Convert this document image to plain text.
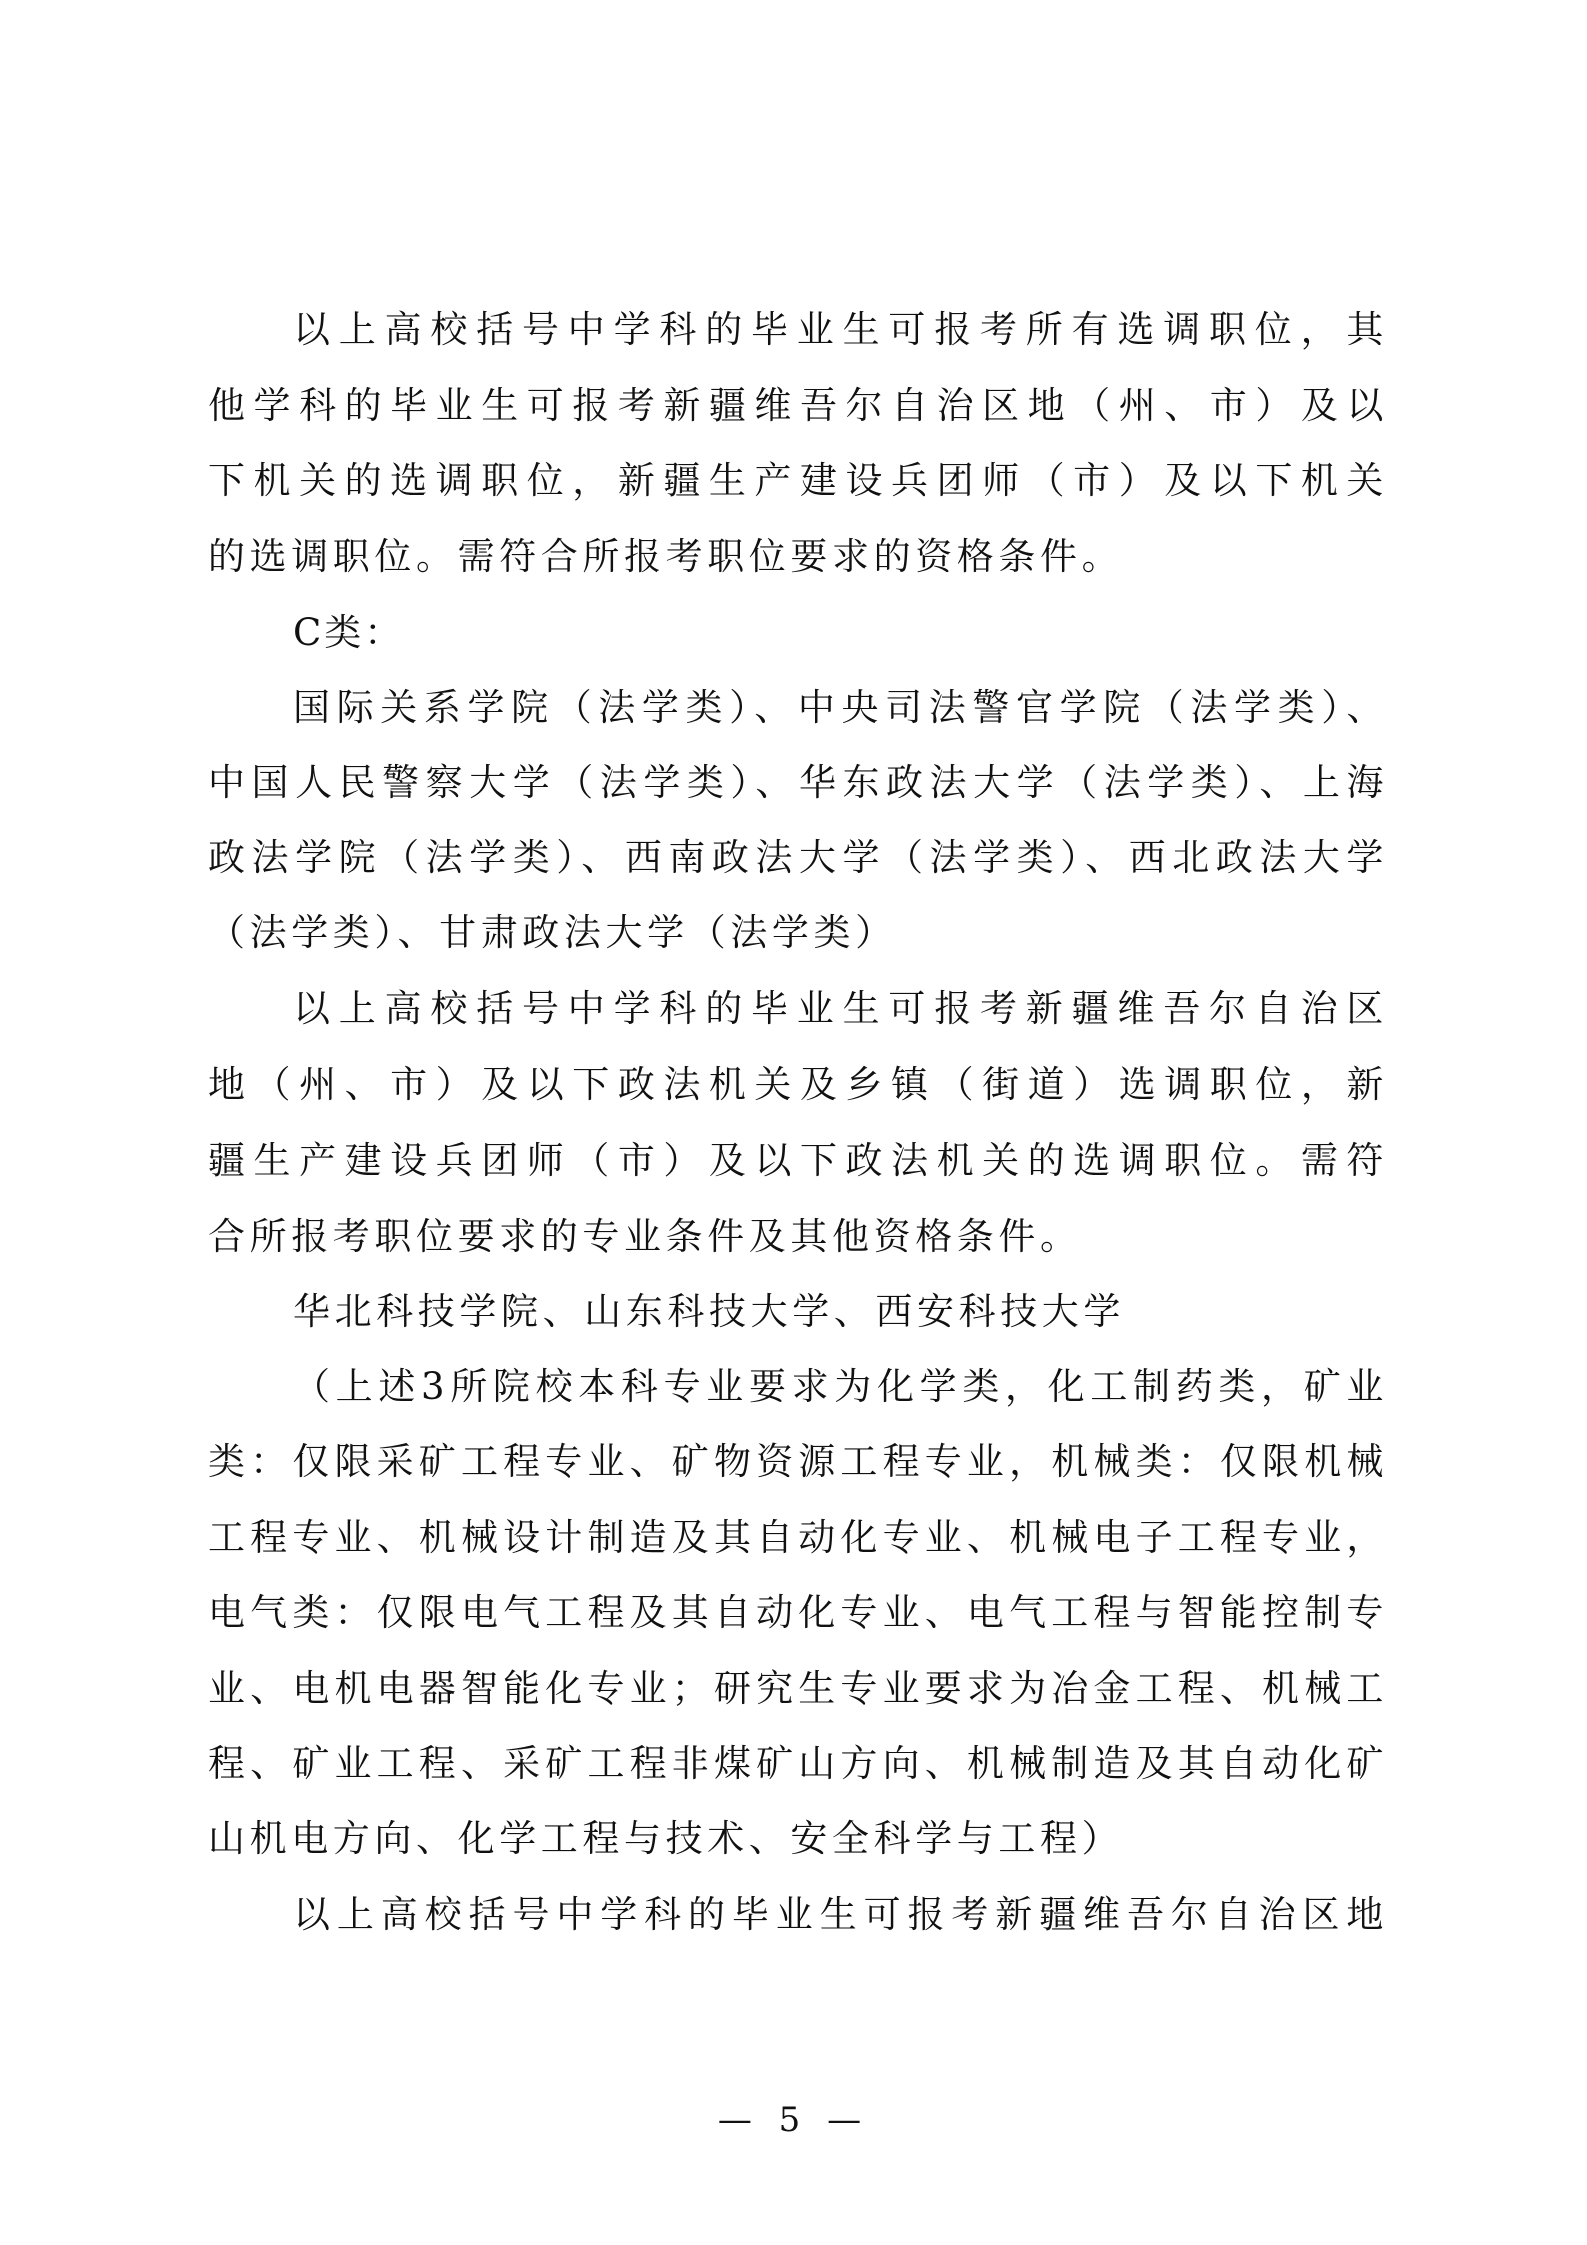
以上高校括号中学科的毕业生可报考所有选调职位，其
他学科的毕业生可报考新疆维吾尔自治区地（州、市）及以
下机关的选调职位，新疆生产建设兵团师（市）及以下机关
的选调职位。需符合所报考职位要求的资格条件。
C类：
国际关系学院（法学类）、中央司法警官学院（法学类）、
中国人民警察大学（法学类）、华东政法大学（法学类）、上海
政法学院（法学类）、西南政法大学（法学类）、西北政法大学
（法学类）、甘肃政法大学（法学类）
以上高校括号中学科的毕业生可报考新疆维吾尔自治区
地（州、市）及以下政法机关及乡镇（街道）选调职位，新
疆生产建设兵团师（市）及以下政法机关的选调职位。需符
合所报考职位要求的专业条件及其他资格条件。
华北科技学院、山东科技大学、西安科技大学
（上述3所院校本科专业要求为化学类，化工制药类，矿业
类：仅限采矿工程专业、矿物资源工程专业，机械类：仅限机械
工程专业、机械设计制造及其自动化专业、机械电子工程专业，
电气类：仅限电气工程及其自动化专业、电气工程与智能控制专
业、电机电器智能化专业；研究生专业要求为冶金工程、机械工
程、矿业工程、采矿工程非煤矿山方向、机械制造及其自动化矿
山机电方向、化学工程与技术、安全科学与工程）
以上高校括号中学科的毕业生可报考新疆维吾尔自治区地
— 5 —
